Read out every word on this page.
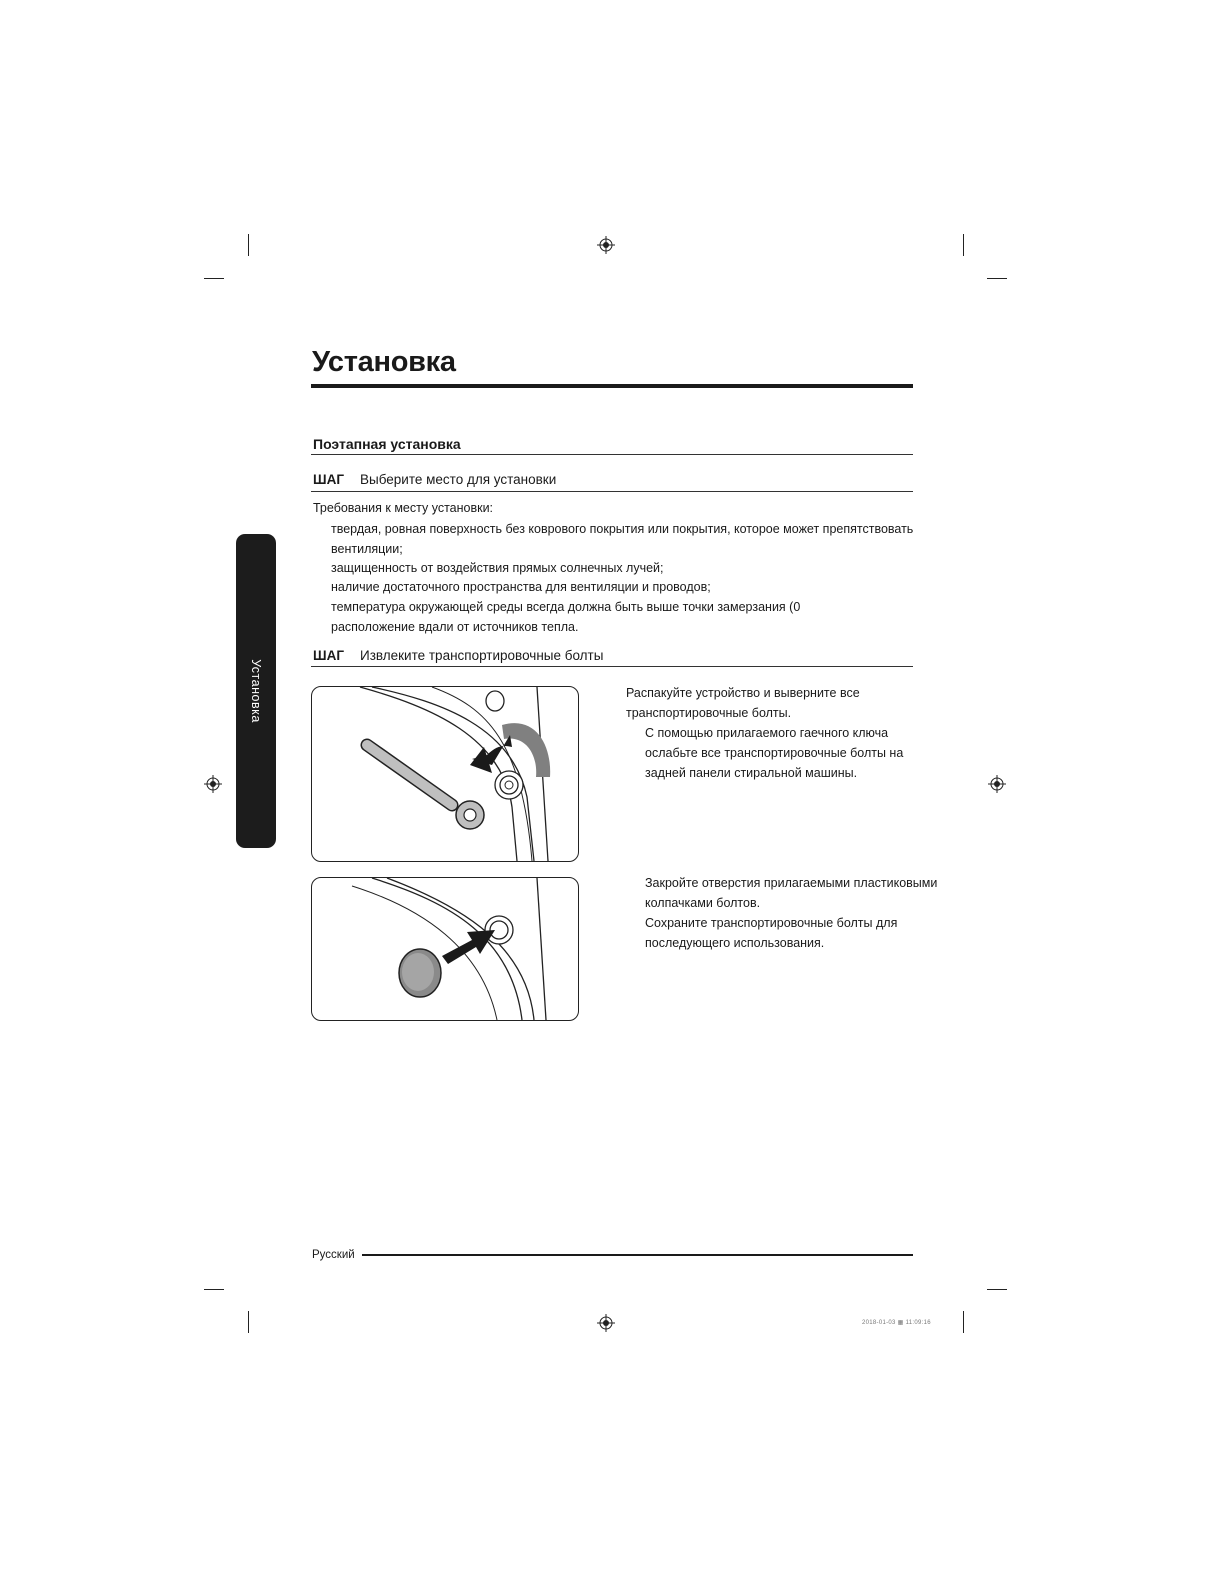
Установка
Поэтапная установка
Установка
ШАГ Выберите место для установки
Требования к месту установки:
твердая, ровная поверхность без коврового покрытия или покрытия, которое может препятствовать
вентиляции;
защищенность от воздействия прямых солнечных лучей;
наличие достаточного пространства для вентиляции и проводов;
температура окружающей среды всегда должна быть выше точки замерзания (0
расположение вдали от источников тепла.
ШАГ Извлеките транспортировочные болты
Распакуйте устройство и выверните все
транспортировочные болты.
С помощью прилагаемого гаечного ключа
ослабьте все транспортировочные болты на
задней панели стиральной машины.
Закройте отверстия прилагаемыми пластиковыми
колпачками болтов.
Сохраните транспортировочные болты для
последующего использования.
Русский
2018-01-03 ▦ 11:09:16
